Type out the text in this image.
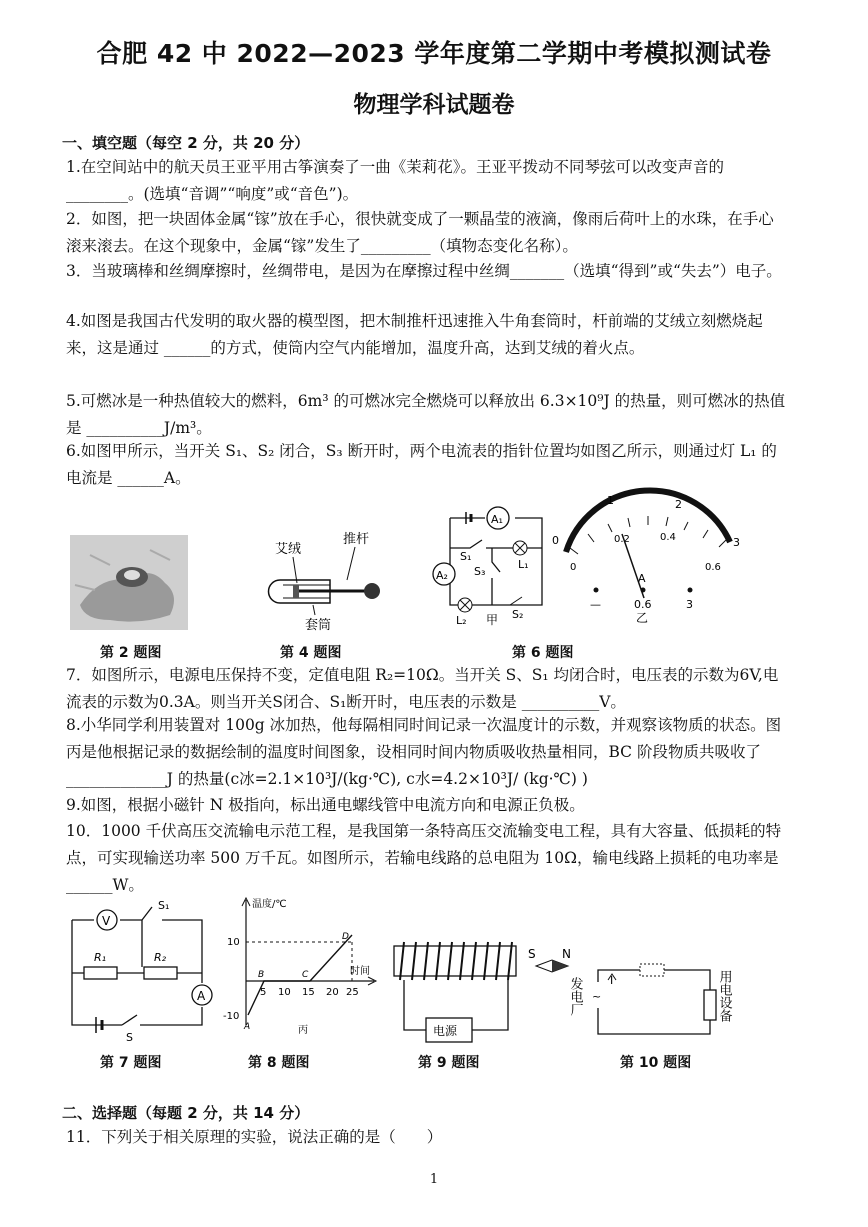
合肥 42 中 2022—2023 学年度第二学期中考模拟测试卷
物理学科试题卷
一、填空题（每空 2 分，共 20 分）
1.在空间站中的航天员王亚平用古筝演奏了一曲《茉莉花》。王亚平拨动不同琴弦可以改变声音的________。(选填“音调”“响度”或“音色”)。
2．如图，把一块固体金属“镓”放在手心，很快就变成了一颗晶莹的液滴，像雨后荷叶上的水珠，在手心滚来滚去。在这个现象中，金属“镓”发生了_________（填物态变化名称）。
3．当玻璃棒和丝绸摩擦时，丝绸带电，是因为在摩擦过程中丝绸_______（选填“得到”或“失去”）电子。
4.如图是我国古代发明的取火器的模型图，把木制推杆迅速推入牛角套筒时，杆前端的艾绒立刻燃烧起来，这是通过 ______的方式，使筒内空气内能增加，温度升高，达到艾绒的着火点。
5.可燃冰是一种热值较大的燃料，6m³ 的可燃冰完全燃烧可以释放出 6.3×10⁹J 的热量，则可燃冰的热值是 __________J/m³。
6.如图甲所示，当开关 S₁、S₂ 闭合，S₃ 断开时，两个电流表的指针位置均如图乙所示，则通过灯 L₁ 的电流是 ______A。
第 2 题图
艾绒
推杆
套筒
第 4 题图
A₁
A₂
S₁
L₁
S₃
S₂
L₂ 甲
0
1	2
3
0
0.2	0.4
0.6
A
—	0.6	3
乙
第 6 题图
7．如图所示，电源电压保持不变，定值电阻 R₂=10Ω。当开关 S、S₁ 均闭合时，电压表的示数为6V,电流表的示数为0.3A。则当开关S闭合、S₁断开时，电压表的示数是 __________V。
8.小华同学利用装置对 100g 冰加热，他每隔相同时间记录一次温度计的示数，并观察该物质的状态。图丙是他根据记录的数据绘制的温度时间图象，设相同时间内物质吸收热量相同，BC 阶段物质共吸收了_____________J 的热量(c冰=2.1×10³J/(kg·℃), c水=4.2×10³J/ (kg·℃) )
9.如图，根据小磁针 N 极指向，标出通电螺线管中电流方向和电源正负极。
10．1000 千伏高压交流输电示范工程，是我国第一条特高压交流输变电工程，具有大容量、低损耗的特点，可实现输送功率 500 万千瓦。如图所示，若输电线路的总电阻为 10Ω，输电线路上损耗的电功率是______W。
V
S₁
R₁	R₂
A
S
第 7 题图
温度/℃
时间
10
-10
5 10 15 20 25
A
B	C
D
丙
第 8 题图
电源
S N
第 9 题图
I
~
发电厂	用电设备
第 10 题图
二、选择题（每题 2 分，共 14 分）
11．下列关于相关原理的实验，说法正确的是（　　）
1
